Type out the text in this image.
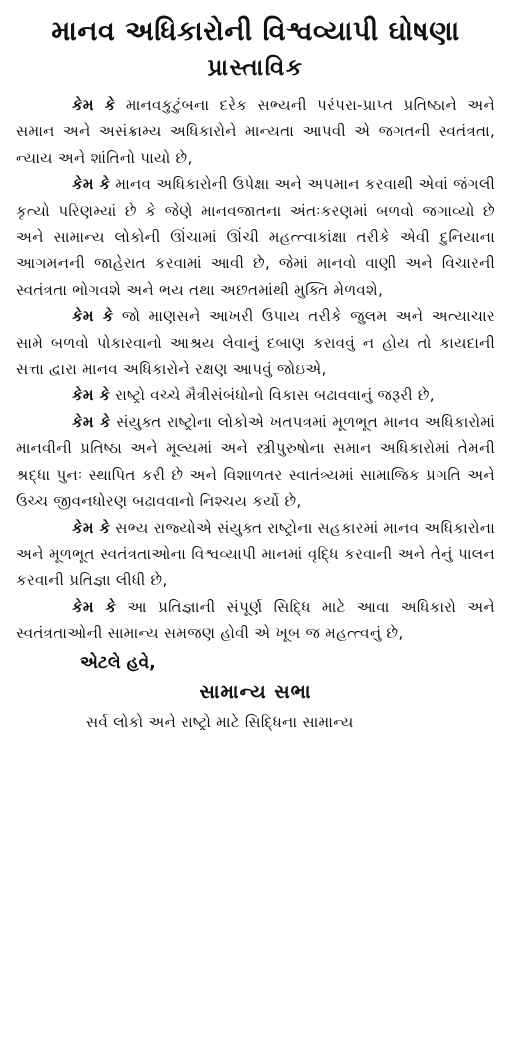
માનવ અધિકારોની વિશ્વવ્યાપી ઘોષણા
પ્રાસ્તાવિક

કેમ કે માનવકુટુંબના દરેક સભ્યની પરંપરા-પ્રાપ્ત પ્રતિષ્ઠાને અને સમાન અને અસંક્રામ્ય અધિકારોને માન્યતા આપવી એ જગતની સ્વતંત્રતા, ન્યાય અને શાંતિનો પાયો છે,

કેમ કે માનવ અધિકારોની ઉપેક્ષા અને અપમાન કરવાથી એવાં જંગલી કૃત્યો પરિણમ્યાં છે કે જેણે માનવજાતના અંતઃકરણમાં બળવો જગાવ્યો છે અને સામાન્ય લોકોની ઊંચામાં ઊંચી મહત્ત્વાકાંક્ષા તરીકે એવી દુનિયાના આગમનની જાહેરાત કરવામાં આવી છે, જેમાં માનવો વાણી અને વિચારની સ્વતંત્રતા ભોગવશે અને ભય તથા અછતમાંથી મુક્તિ મેળવશે,

કેમ કે જો માણસને આખરી ઉપાય તરીકે જુલમ અને અત્યાચાર સામે બળવો પોકારવાનો આશ્રય લેવાનું દબાણ કરાવવું ન હોય તો કાયદાની સત્તા દ્વારા માનવ અધિકારોને રક્ષણ આપવું જોઇએ,

કેમ કે રાષ્ટ્રો વચ્ચે મૈત્રીસંબંધોનો વિકાસ બઢાવવાનું જરૂરી છે,

કેમ કે સંયુક્ત રાષ્ટ્રોના લોકોએ ખતપત્રમાં મૂળભૂત માનવ અધિકારોમાં માનવીની પ્રતિષ્ઠા અને મૂલ્યમાં અને સ્ત્રીપુરુષોના સમાન અધિકારોમાં તેમની શ્રદ્ધા પુનઃ સ્થાપિત કરી છે અને વિશાળતર સ્વાતંત્ર્યમાં સામાજિક પ્રગતિ અને ઉચ્ચ જીવનધોરણ બઢાવવાનો નિશ્ચય કર્યો છે,

કેમ કે સભ્ય રાજ્યોએ સંયુક્ત રાષ્ટ્રોના સહકારમાં માનવ અધિકારોના અને મૂળભૂત સ્વતંત્રતાઓના વિશ્વવ્યાપી માનમાં વૃદ્ધિ કરવાની અને તેનું પાલન કરવાની પ્રતિજ્ઞા લીધી છે,

કેમ કે આ પ્રતિજ્ઞાની સંપૂર્ણ સિદ્ધિ માટે આવા અધિકારો અને સ્વતંત્રતાઓની સામાન્ય સમજણ હોવી એ ખૂબ જ મહત્ત્વનું છે,

એટલે હવે,

સામાન્ય સભા

સર્વ લોકો અને રાષ્ટ્રો માટે સિદ્ધિના સામાન્ય
